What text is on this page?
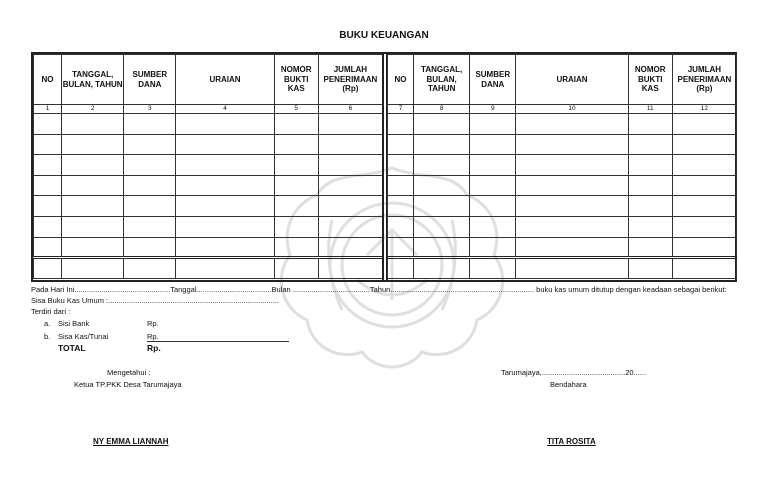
BUKU KEUANGAN
NO	TANGGAL, BULAN, TAHUN	SUMBER DANA	URAIAN	NOMOR BUKTI KAS	JUMLAH PENERIMAAN (Rp)
1	2	3	4	5	6

NO	TANGGAL, BULAN, TAHUN	SUMBER DANA	URAIAN	NOMOR BUKTI KAS	JUMLAH PENERIMAAN (Rp)
7	8	9	10	11	12

Pada Hari Ini..............................................Tanggal....................................Bulan .....................................Tahun..................................................................... buku kas umum ditutup dengan keadaan sebagai berikut:
Sisa Buku Kas Umum :..................................................................................
Terdiri dari :
a. Sisi Bank	Rp.
b. Sisa Kas/Tunai	Rp.
TOTAL	Rp.
Mengetahui :
Ketua TP.PKK Desa Tarumajaya
NY EMMA LIANNAH
Tarumajaya,........................................20......
Bendahara
TITA ROSITA
